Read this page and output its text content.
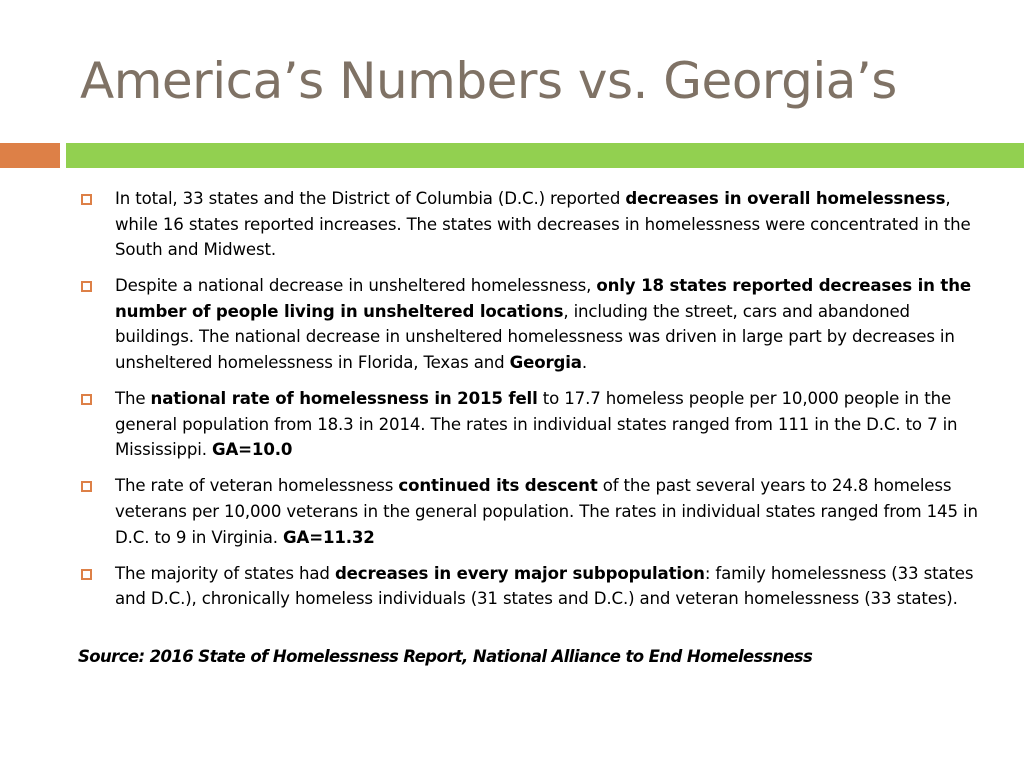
America’s Numbers vs. Georgia’s
In total, 33 states and the District of Columbia (D.C.) reported decreases in overall homelessness, while 16 states reported increases. The states with decreases in homelessness were concentrated in the South and Midwest.
Despite a national decrease in unsheltered homelessness, only 18 states reported decreases in the number of people living in unsheltered locations, including the street, cars and abandoned buildings. The national decrease in unsheltered homelessness was driven in large part by decreases in unsheltered homelessness in Florida, Texas and Georgia.
The national rate of homelessness in 2015 fell to 17.7 homeless people per 10,000 people in the general population from 18.3 in 2014. The rates in individual states ranged from 111 in the D.C. to 7 in Mississippi. GA=10.0
The rate of veteran homelessness continued its descent of the past several years to 24.8 homeless veterans per 10,000 veterans in the general population. The rates in individual states ranged from 145 in D.C. to 9 in Virginia. GA=11.32
The majority of states had decreases in every major subpopulation: family homelessness (33 states and D.C.), chronically homeless individuals (31 states and D.C.) and veteran homelessness (33 states).
Source: 2016 State of Homelessness Report, National Alliance to End Homelessness
